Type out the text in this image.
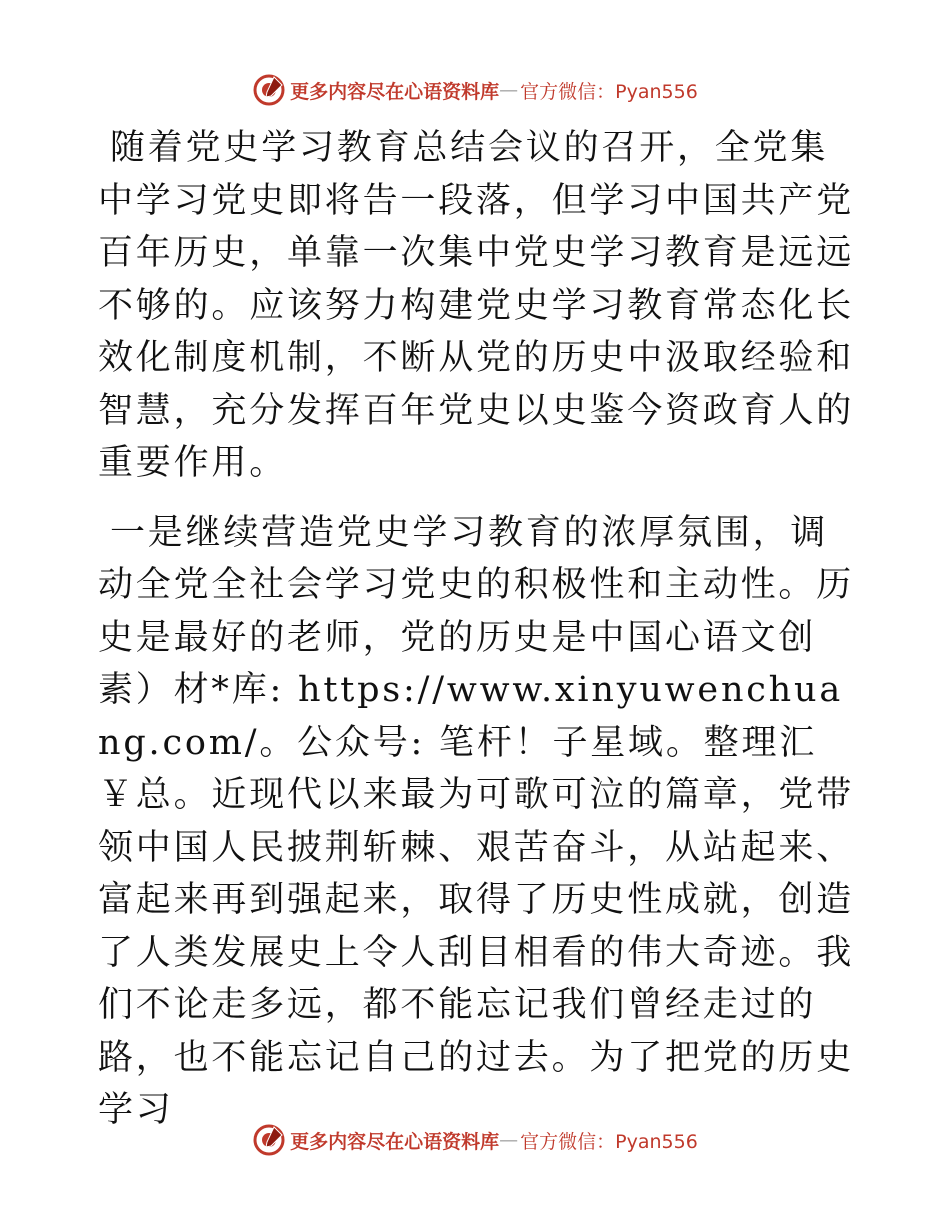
更多内容尽在心语资料库 — 官方微信：Pyan556

随着党史学习教育总结会议的召开，全党集中学习党史即将告一段落，但学习中国共产党百年历史，单靠一次集中党史学习教育是远远不够的。应该努力构建党史学习教育常态化长效化制度机制，不断从党的历史中汲取经验和智慧，充分发挥百年党史以史鉴今资政育人的重要作用。

一是继续营造党史学习教育的浓厚氛围，调动全党全社会学习党史的积极性和主动性。历史是最好的老师，党的历史是中国心语文创素）材*库: https://www.xinyuwenchuang.com/。公众号: 笔杆！子星域。整理汇￥总。近现代以来最为可歌可泣的篇章，党带领中国人民披荆斩棘、艰苦奋斗，从站起来、富起来再到强起来，取得了历史性成就，创造了人类发展史上令人刮目相看的伟大奇迹。我们不论走多远，都不能忘记我们曾经走过的路，也不能忘记自己的过去。为了把党的历史学习

更多内容尽在心语资料库 — 官方微信：Pyan556
